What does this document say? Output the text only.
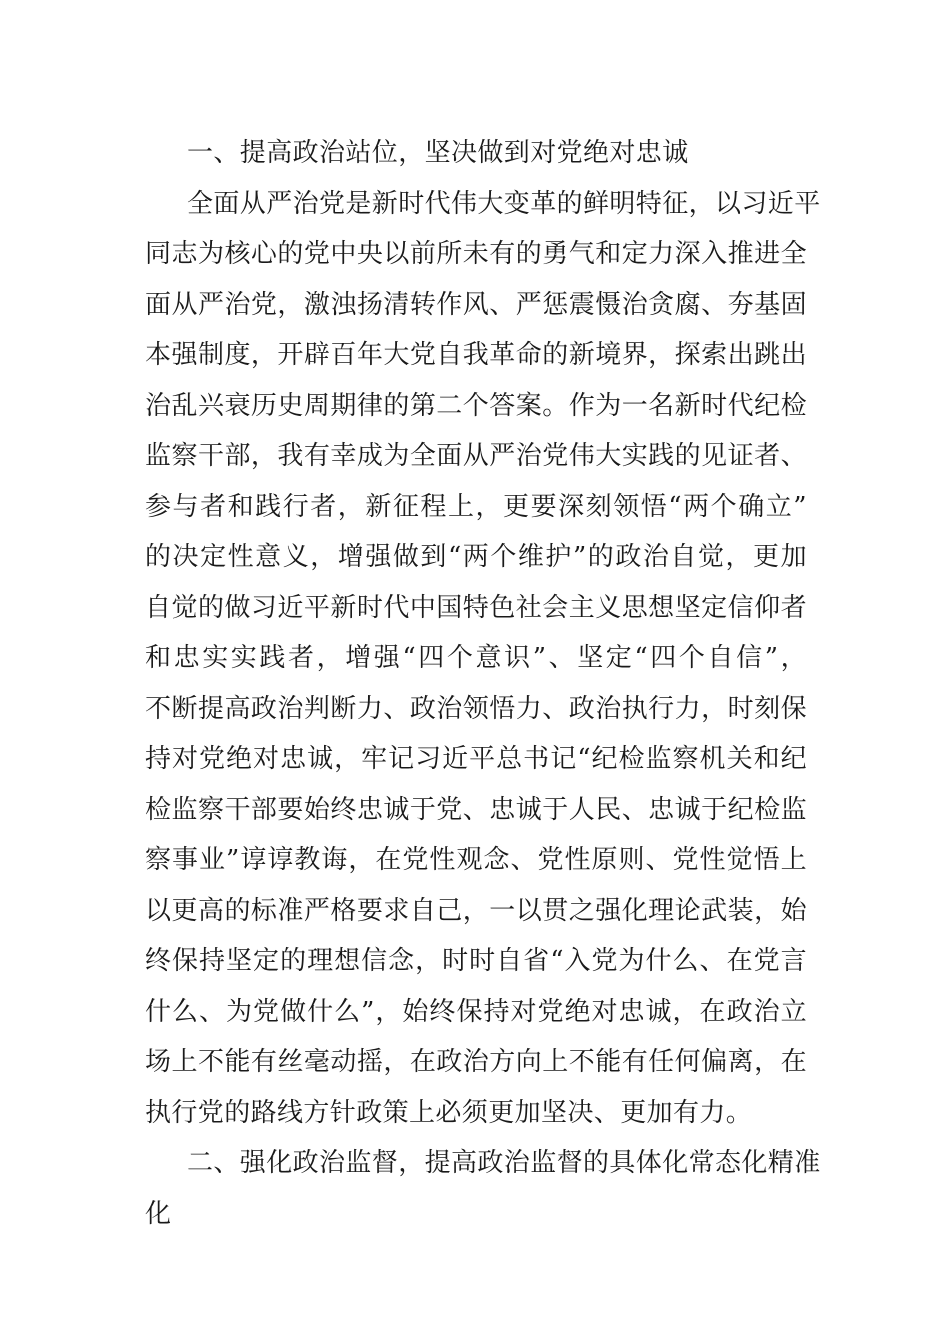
一、提高政治站位，坚决做到对党绝对忠诚
全面从严治党是新时代伟大变革的鲜明特征，以习近平
同志为核心的党中央以前所未有的勇气和定力深入推进全
面从严治党，激浊扬清转作风、严惩震慑治贪腐、夯基固
本强制度，开辟百年大党自我革命的新境界，探索出跳出
治乱兴衰历史周期律的第二个答案。作为一名新时代纪检
监察干部，我有幸成为全面从严治党伟大实践的见证者、
参与者和践行者，新征程上，更要深刻领悟“两个确立”
的决定性意义，增强做到“两个维护”的政治自觉，更加
自觉的做习近平新时代中国特色社会主义思想坚定信仰者
和忠实实践者，增强“四个意识”、坚定“四个自信”，
不断提高政治判断力、政治领悟力、政治执行力，时刻保
持对党绝对忠诚，牢记习近平总书记“纪检监察机关和纪
检监察干部要始终忠诚于党、忠诚于人民、忠诚于纪检监
察事业”谆谆教诲，在党性观念、党性原则、党性觉悟上
以更高的标准严格要求自己，一以贯之强化理论武装，始
终保持坚定的理想信念，时时自省“入党为什么、在党言
什么、为党做什么”，始终保持对党绝对忠诚，在政治立
场上不能有丝毫动摇，在政治方向上不能有任何偏离，在
执行党的路线方针政策上必须更加坚决、更加有力。
二、强化政治监督，提高政治监督的具体化常态化精准
化
